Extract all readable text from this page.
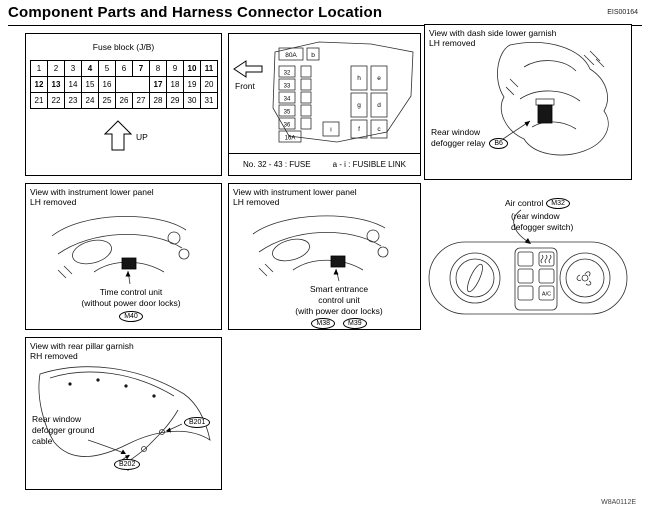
Component Parts and Harness Connector Location	EIS00164
W8A0112E
Fuse block (J/B)
1	2	3	4	5	6	7	8	9	10	11
12	13	14	15	16			17	18	19	20
21	22	23	24	25	26	27	28	29	30	31
UP
Front
80A b
32
33
34
35
36
16A
h	e
g	d
f	c
i
No. 32 - 43 : FUSE	a - i : FUSIBLE LINK
View with dash side lower garnish
LH removed
Rear window
defogger relay	B6
View with instrument lower panel
LH removed
Time control unit
(without power door locks)
M40
View with instrument lower panel
LH removed
Smart entrance
control unit
(with power door locks)
M38	M39
A/C
Air control	M32
(rear window
defogger switch)
View with rear pillar garnish
RH removed
Rear window
defogger ground
cable
B201
B202
